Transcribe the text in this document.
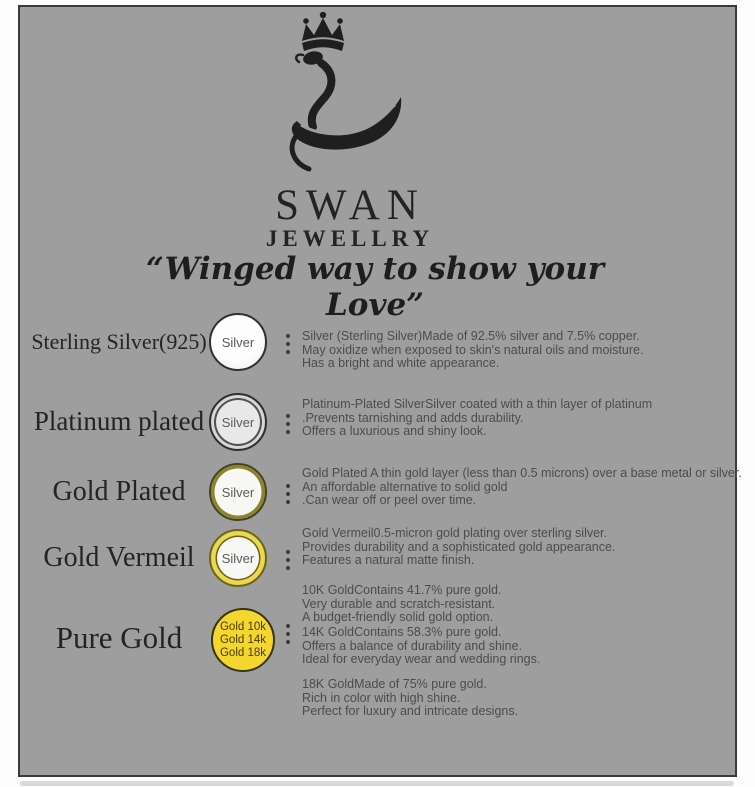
SWAN
JEWELLRY
“Winged way to show your Love”
Sterling Silver(925)	Silver	Silver (Sterling Silver)Made of 92.5% silver and 7.5% copper.
May oxidize when exposed to skin's natural oils and moisture.
Has a bright and white appearance.
Platinum plated	Silver
Platinum-Plated SilverSilver coated with a thin layer of platinum
.Prevents tarnishing and adds durability.
Offers a luxurious and shiny look.
Gold Plated	Silver
Gold Plated A thin gold layer (less than 0.5 microns) over a base metal or silver.
An affordable alternative to solid gold
.Can wear off or peel over time.
Gold Vermeil	Silver
Gold Vermeil0.5-micron gold plating over sterling silver.
Provides durability and a sophisticated gold appearance.
Features a natural matte finish.
Pure Gold	Gold 10k
Gold 14k
Gold 18k
10K GoldContains 41.7% pure gold.
Very durable and scratch-resistant.
A budget-friendly solid gold option.
14K GoldContains 58.3% pure gold.
Offers a balance of durability and shine.
Ideal for everyday wear and wedding rings.
18K GoldMade of 75% pure gold.
Rich in color with high shine.
Perfect for luxury and intricate designs.
